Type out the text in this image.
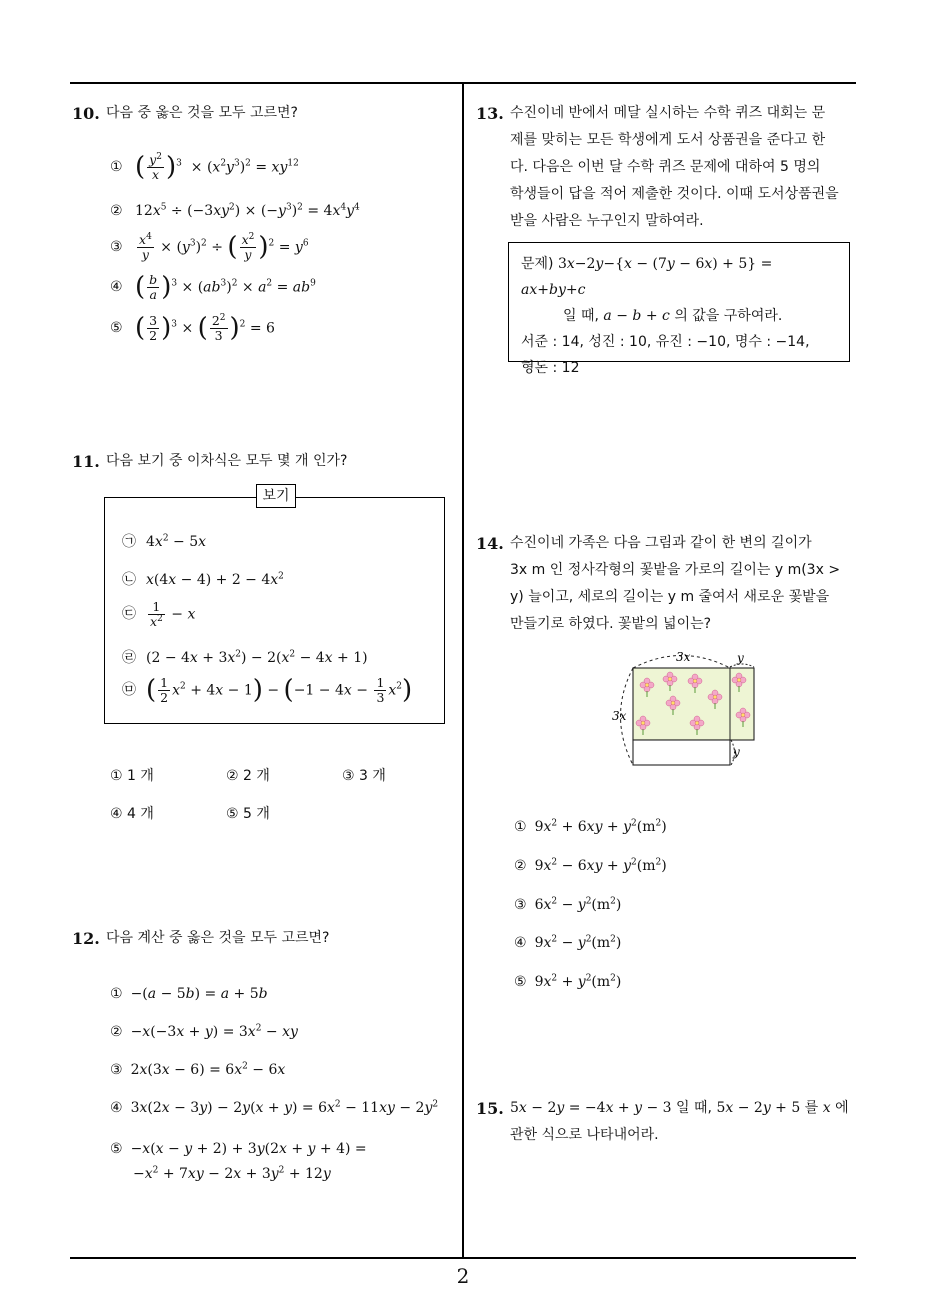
10. 다음 중 옳은 것을 모두 고르면?
① ( $\frac{y^2}{x} )^3 \times (x^2y^3)^2 = xy^{12}$
② $12x^5 \div (-3xy^2) \times (-y^3)^2 = 4x^4y^4$
③ $\frac{x^4}{y} \times (y^3)^2$ ÷ ( $\frac{x^2}{y} )^2 = y^6$
④ ( $\frac{b}{a} )^3 \times (ab^3)^2 \times a^2 = ab^9$
⑤ ( $\frac{3}{2} )^3$ × ( $\frac{2^2}{3} )^2 = 6$
11. 다음 보기 중 이차식은 모두 몇 개 인가?
보기
㉠ $4x^2 - 5x$
㉡ $x(4x - 4) + 2 - 4x^2$
㉢ $\frac{1}{x^2} - x$
㉣ $(2 - 4x + 3x^2) - 2(x^2 - 4x + 1)$
㉤ ( $\frac{1}{2} x^2 + 4x - 1) - (-1 - 4x - \frac{1}{3} x^2)$
① 1 개	② 2 개	③ 3 개
④ 4 개	⑤ 5 개
12. 다음 계산 중 옳은 것을 모두 고르면?
① −(a − 5b) = a + 5b
② $-x(-3x + y) = 3x^2$ − xy
③ $2x(3x - 6) = 6x^2 - 6x$
④ $3x(2x - 3y) - 2y(x + y) = 6x^2 - 11xy - 2y^2$
⑤ −x(x − y + 2) + 3y(2x + y + 4) =
$-x^2 + 7xy - 2x + 3y^2 + 12y$
13. 수진이네 반에서 메달 실시하는 수학 퀴즈 대회는 문
제를 맞히는 모든 학생에게 도서 상품권을 준다고 한
다. 다음은 이번 달 수학 퀴즈 문제에 대하여 5 명의
학생들이 답을 적어 제출한 것이다. 이때 도서상품권을
받을 사람은 누구인지 말하여라.
문제) 3x−2y−{x − (7y − 6x) + 5} = ax+by+c
일 때, a − b + c 의 값을 구하여라.
서준 : 14, 성진 : 10, 유진 : −10, 명수 : −14,
형돈 : 12
14. 수진이네 가족은 다음 그림과 같이 한 변의 길이가
3x m 인 정사각형의 꽃밭을 가로의 길이는 y m(3x >
y) 늘이고, 세로의 길이는 y m 줄여서 새로운 꽃밭을
만들기로 하였다. 꽃밭의 넓이는?
3x	y
3x
y
① $9x^2 + 6xy + y^2(m^2)$
② $9x^2 - 6xy + y^2(m^2)$
③ $6x^2 - y^2(m^2)$
④ $9x^2 - y^2(m^2)$
⑤ $9x^2 + y^2(m^2)$
15. 5x − 2y = −4x + y − 3 일 때, 5x − 2y + 5 를 x 에
관한 식으로 나타내어라.
2
